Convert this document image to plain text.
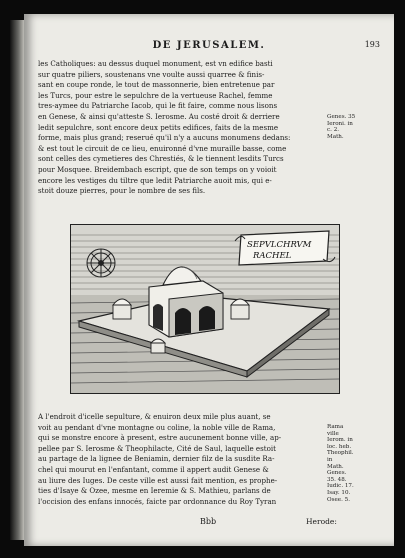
DE JERUSALEM.	193
les Catholiques: au dessus duquel monument, est vn edifice basti
sur quatre piliers, soustenans vne voulte aussi quarree & finis-
sant en coupe ronde, le tout de massonnerie, bien entretenue par
les Turcs, pour estre le sepulchre de la vertueuse Rachel, femme
tres-aymee du Patriarche Iacob, qui le fit faire, comme nous lisons
en Genese, & ainsi qu'atteste S. Ierosme. Au costé droit & derriere
ledit sepulchre, sont encore deux petits edifices, faits de la mesme
forme, mais plus grand; reserué qu'il n'y a aucuns monumens dedans:
& est tout le circuit de ce lieu, enuironné d'vne muraille basse, come
sont celles des cymetieres des Chrestiés, & le tiennent lesdits Turcs
pour Mosquee. Breidembach escript, que de son temps on y voioit
encore les vestiges du tiltre que ledit Patriarche auoit mis, qui e-
stoit douze pierres, pour le nombre de ses fils.
Genes. 35
Ieroni. in
c. 2.
Math.
SEPVLCHRVM
RACHEL
A l'endroit d'icelle sepulture, & enuiron deux mile plus auant, se
voit au pendant d'vne montagne ou coline, la noble ville de Rama,
qui se monstre encore à present, estre aucunement bonne ville, ap-
pellee par S. Ierosme & Theophilacte, Cité de Saul, laquelle estoit
au partage de la lignee de Beniamin, dernier filz de la susdite Ra-
chel qui mourut en l'enfantant, comme il appert audit Genese &
au liure des Iuges. De ceste ville est aussi fait mention, es prophe-
ties d'Isaye & Ozee, mesme en Ieremie & S. Mathieu, parlans de
l'occision des enfans innocés, faicte par ordonnance du Roy Tyran
Rama
ville
Ierom. in
loc. heb.
Theophil.
in
Math.
Genes.
35. 48.
Iudic. 17.
Isay. 10.
Osee. 5.
Bbb	Herode:
